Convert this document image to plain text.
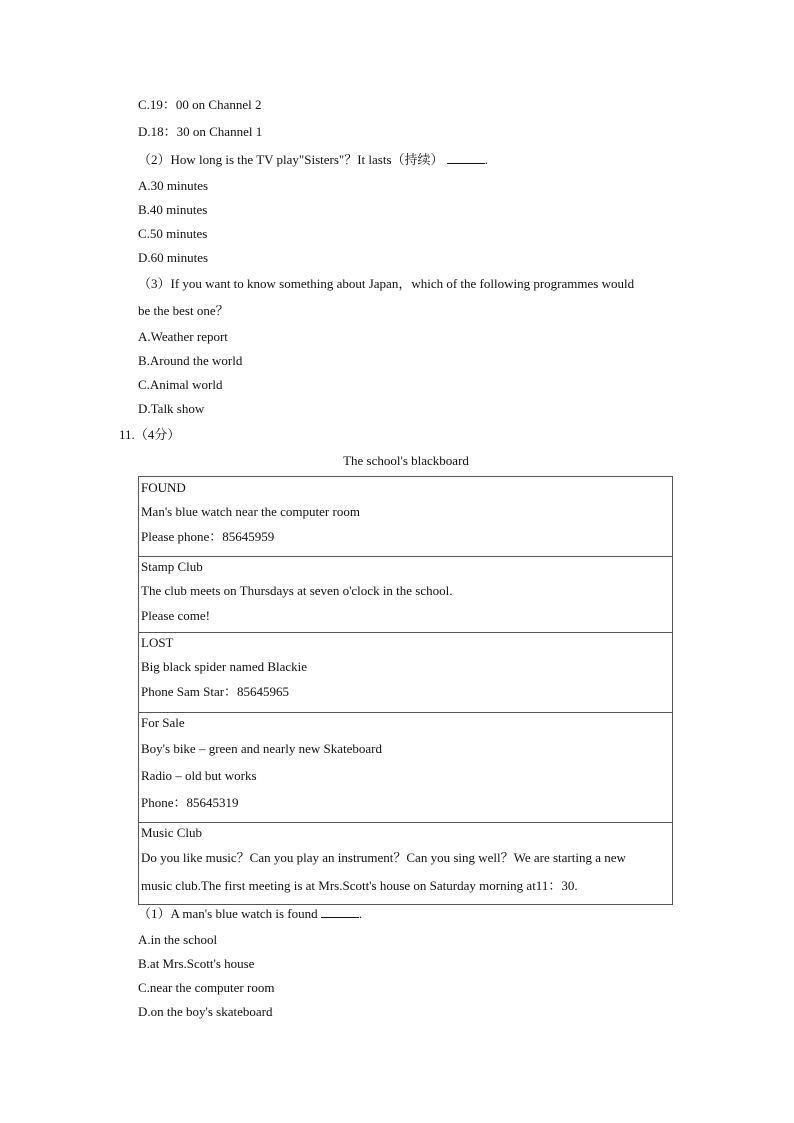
C.19：00 on Channel 2
D.18：30 on Channel 1
（2）How long is the TV play"Sisters"？It lasts（持续）	.
A.30 minutes
B.40 minutes
C.50 minutes
D.60 minutes
（3）If you want to know something about Japan，which of the following programmes would
be the best one？
A.Weather report
B.Around the world
C.Animal world
D.Talk show
11.（4分）
The school's blackboard
FOUND
Man's blue watch near the computer room
Please phone：85645959
Stamp Club
The club meets on Thursdays at seven o'clock in the school.
Please come!
LOST
Big black spider named Blackie
Phone Sam Star：85645965
For Sale
Boy's bike – green and nearly new Skateboard
Radio – old but works
Phone：85645319
Music Club
Do you like music？Can you play an instrument？Can you sing well？We are starting a new
music club.The first meeting is at Mrs.Scott's house on Saturday morning at11：30.
（1）A man's blue watch is found	.
A.in the school
B.at Mrs.Scott's house
C.near the computer room
D.on the boy's skateboard
